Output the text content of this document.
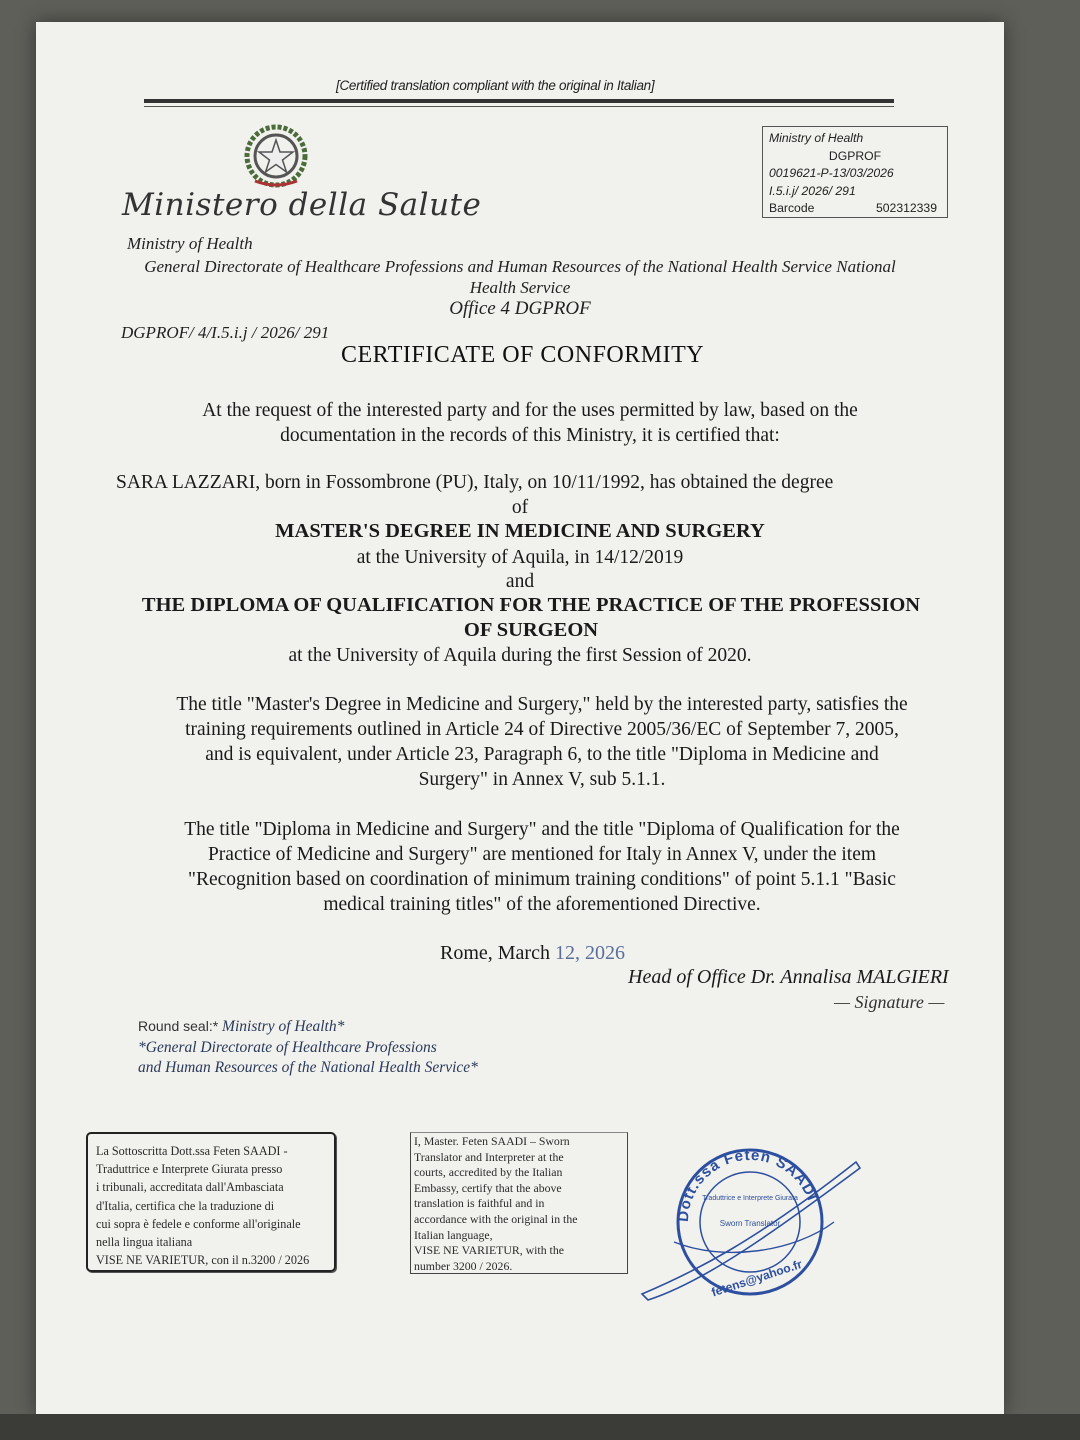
[Certified translation compliant with the original in Italian]
Ministero della Salute
Ministry of Health
DGPROF
0019621-P-13/03/2026
I.5.i.j/ 2026/ 291
Barcode	502312339
Ministry of Health
General Directorate of Healthcare Professions and Human Resources of the National Health Service National
Health Service
Office 4 DGPROF
DGPROF/ 4/I.5.i.j / 2026/ 291
CERTIFICATE OF CONFORMITY
At the request of the interested party and for the uses permitted by law, based on the
documentation in the records of this Ministry, it is certified that:
SARA LAZZARI, born in Fossombrone (PU), Italy, on 10/11/1992, has obtained the degree
of
MASTER'S DEGREE IN MEDICINE AND SURGERY
at the University of Aquila, in 14/12/2019
and
THE DIPLOMA OF QUALIFICATION FOR THE PRACTICE OF THE PROFESSION
OF SURGEON
at the University of Aquila during the first Session of 2020.
The title "Master's Degree in Medicine and Surgery," held by the interested party, satisfies the
training requirements outlined in Article 24 of Directive 2005/36/EC of September 7, 2005,
and is equivalent, under Article 23, Paragraph 6, to the title "Diploma in Medicine and
Surgery" in Annex V, sub 5.1.1.
The title "Diploma in Medicine and Surgery" and the title "Diploma of Qualification for the
Practice of Medicine and Surgery" are mentioned for Italy in Annex V, under the item
"Recognition based on coordination of minimum training conditions" of point 5.1.1 "Basic
medical training titles" of the aforementioned Directive.
Rome, March 12, 2026
Head of Office Dr. Annalisa MALGIERI
— Signature —
Round seal:* Ministry of Health*
*General Directorate of Healthcare Professions
and Human Resources of the National Health Service*
La Sottoscritta Dott.ssa Feten SAADI -
Traduttrice e Interprete Giurata presso
i tribunali, accreditata dall'Ambasciata
d'Italia, certifica che la traduzione di
cui sopra è fedele e conforme all'originale
nella lingua italiana
VISE NE VARIETUR, con il n.3200 / 2026
I, Master. Feten SAADI – Sworn
Translator and Interpreter at the
courts, accredited by the Italian
Embassy, certify that the above
translation is faithful and in
accordance with the original in the
Italian language,
VISE NE VARIETUR, with the
number 3200 / 2026.
Dott.ssa Feten SAADI
Traduttrice e Interprete Giurata
Sworn Translator
fetens@yahoo.fr
